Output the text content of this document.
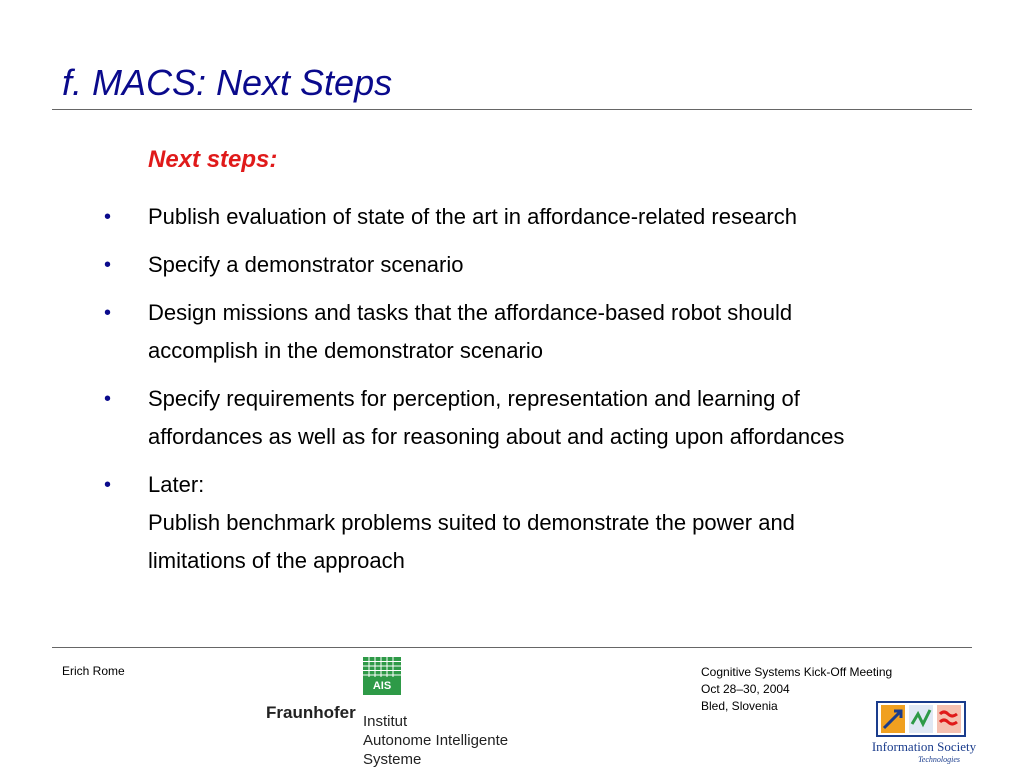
f. MACS: Next Steps
Next steps:
• Publish evaluation of state of the art in affordance-related research
• Specify a demonstrator scenario
• Design missions and tasks that the affordance-based robot should
accomplish in the demonstrator scenario
• Specify requirements for perception, representation and learning of
affordances as well as for reasoning about and acting upon affordances
• Later:
Publish benchmark problems suited to demonstrate the power and
limitations of the approach
Erich Rome
AIS
Fraunhofer Institut
Autonome Intelligente
Systeme
Cognitive Systems Kick-Off Meeting
Oct 28–30, 2004
Bled, Slovenia
Information Society
Technologies
